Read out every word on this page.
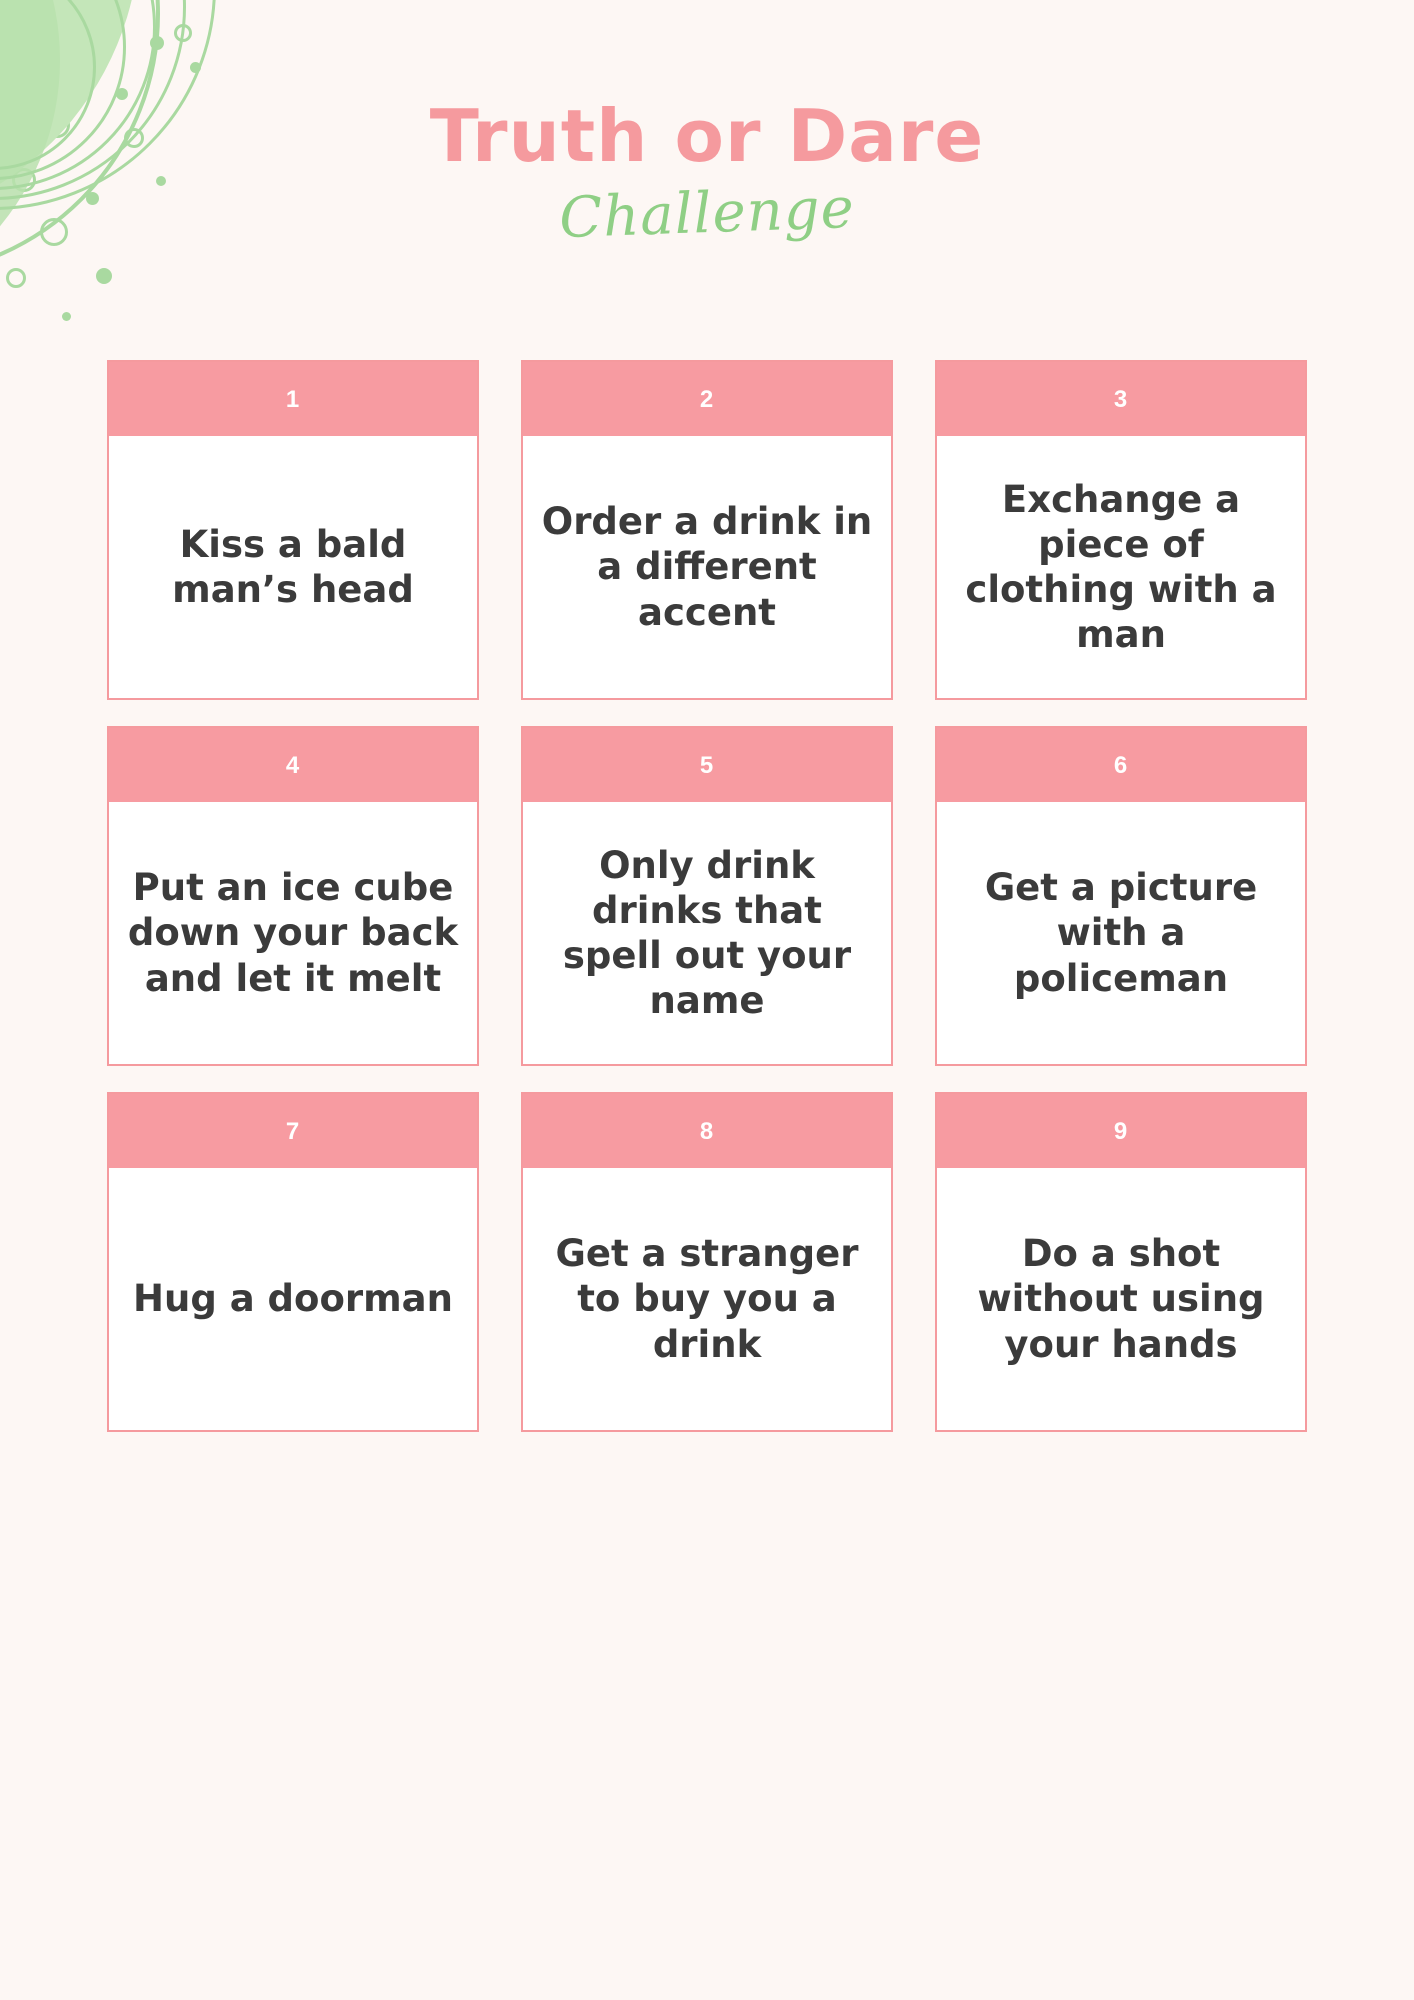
Truth or Dare
Challenge
1
Kiss a bald man’s head
2
Order a drink in a different accent
3
Exchange a piece of clothing with a man
4
Put an ice cube down your back and let it melt
5
Only drink drinks that spell out your name
6
Get a picture with a policeman
7
Hug a doorman
8
Get a stranger to buy you a drink
9
Do a shot without using your hands
